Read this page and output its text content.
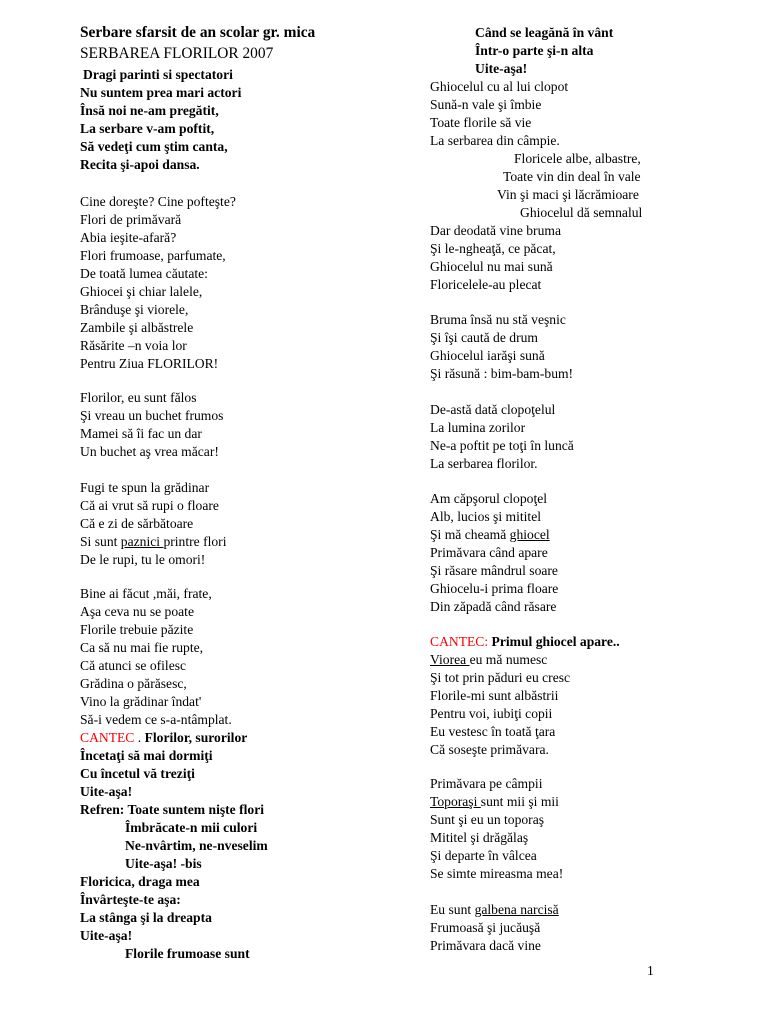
Serbare sfarsit de an scolar gr. mica
SERBAREA FLORILOR 2007
Dragi parinti si spectatori
Nu suntem prea mari actori
Însă noi ne-am pregătit,
La serbare v-am poftit,
Să vedeţi cum ştim canta,
Recita şi-apoi dansa.
Cine doreşte? Cine pofteşte?
Flori de primăvară
Abia ieşite-afară?
Flori frumoase, parfumate,
De toată lumea căutate:
Ghiocei şi chiar lalele,
Brânduşe şi viorele,
Zambile şi albăstrele
Răsărite –n voia lor
Pentru Ziua FLORILOR!
Florilor, eu sunt fălos
Şi vreau un buchet frumos
Mamei să îi fac un dar
Un buchet aş vrea măcar!
Fugi te spun la grădinar
Că ai vrut să rupi o floare
Că e zi de sărbătoare
Si sunt paznici printre flori
De le rupi, tu le omori!
Bine ai făcut ,măi, frate,
Aşa ceva nu se poate
Florile trebuie păzite
Ca să nu mai fie rupte,
Că atunci se ofilesc
Grădina o părăsesc,
Vino la grădinar îndat'
Să-i vedem ce s-a-ntâmplat.
CANTEC . Florilor, surorilor
Încetaţi să mai dormiţi
Cu încetul vă treziţi
Uite-aşa!
Refren: Toate suntem nişte flori
Îmbrăcate-n mii culori
Ne-nvârtim, ne-nveselim
Uite-aşa! -bis
Floricica, draga mea
Învârteşte-te aşa:
La stânga şi la dreapta
Uite-aşa!
Florile frumoase sunt
Când se leagănă în vânt
Într-o parte şi-n alta
Uite-aşa!
Ghiocelul cu al lui clopot
Sună-n vale şi îmbie
Toate florile să vie
La serbarea din câmpie.
Floricele albe, albastre,
Toate vin din deal în vale
Vin şi maci şi lăcrămioare
Ghiocelul dă semnalul
Dar deodată vine bruma
Şi le-ngheaţă, ce păcat,
Ghiocelul nu mai sună
Floricelele-au plecat
Bruma însă nu stă veşnic
Şi îşi caută de drum
Ghiocelul iarăşi sună
Şi răsună : bim-bam-bum!
De-astă dată clopoţelul
La lumina zorilor
Ne-a poftit pe toţi în luncă
La serbarea florilor.
Am căpşorul clopoţel
Alb, lucios şi mititel
Şi mă cheamă ghiocel
Primăvara când apare
Şi răsare mândrul soare
Ghiocelu-i prima floare
Din zăpadă când răsare
CANTEC: Primul ghiocel apare..
Viorea eu mă numesc
Şi tot prin păduri eu cresc
Florile-mi sunt albăstrii
Pentru voi, iubiţi copii
Eu vestesc în toată ţara
Că soseşte primăvara.
Primăvara pe câmpii
Toporaşi sunt mii şi mii
Sunt şi eu un toporaş
Mititel şi drăgălaş
Şi departe în vâlcea
Se simte mireasma mea!
Eu sunt galbena narcisă
Frumoasă şi jucăuşă
Primăvara dacă vine
1
